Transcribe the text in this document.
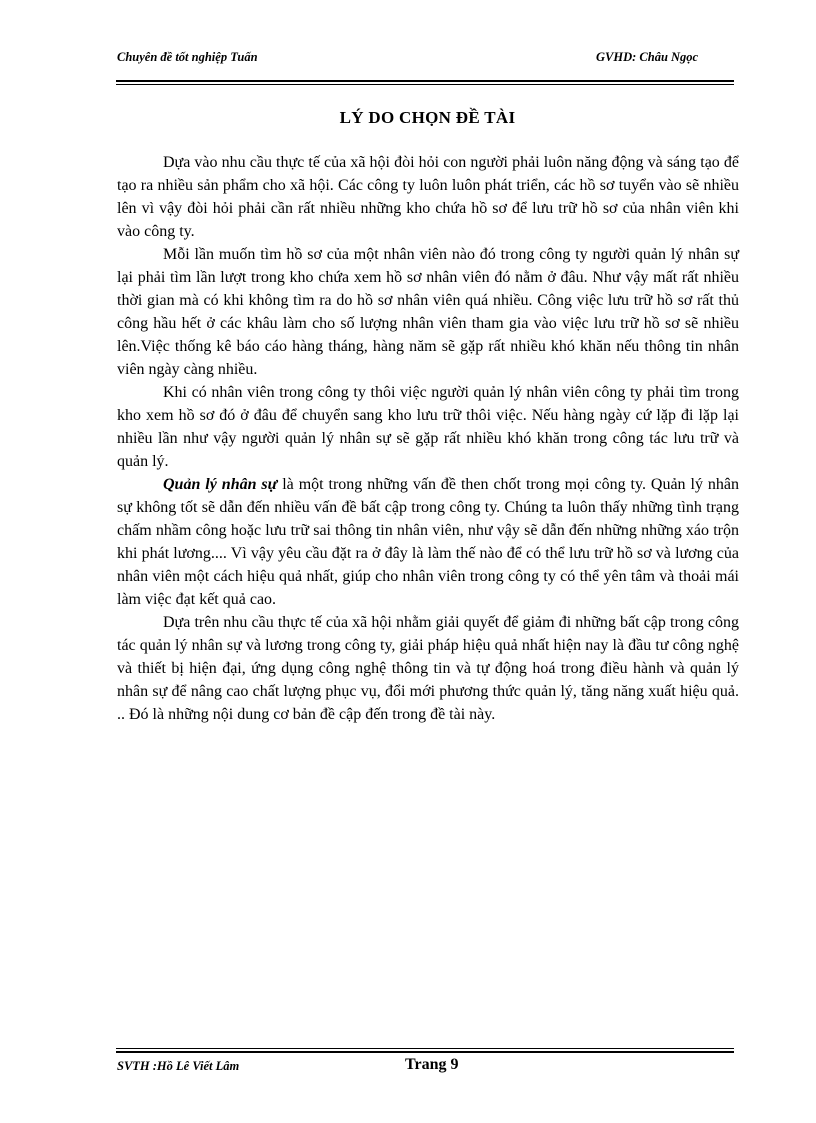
Chuyên đề tốt nghiệp Tuấn	GVHD: Châu Ngọc
LÝ DO CHỌN ĐỀ TÀI

Dựa vào nhu cầu thực tế của xã hội đòi hỏi con người phải luôn năng động và sáng tạo để tạo ra nhiều sản phẩm cho xã hội. Các công ty luôn luôn phát triển, các hồ sơ tuyển vào sẽ nhiều lên vì vậy đòi hỏi phải cần rất nhiều những kho chứa hồ sơ để lưu trữ hồ sơ của nhân viên khi vào công ty.

Mỗi lần muốn tìm hồ sơ của một nhân viên nào đó trong công ty người quản lý nhân sự lại phải tìm lần lượt trong kho chứa xem hồ sơ nhân viên đó nằm ở đâu. Như vậy mất rất nhiều thời gian mà có khi không tìm ra do hồ sơ nhân viên quá nhiều. Công việc lưu trữ hồ sơ rất thủ công hầu hết ở các khâu làm cho số lượng nhân viên tham gia vào việc lưu trữ hồ sơ sẽ nhiều lên.Việc thống kê báo cáo hàng tháng, hàng năm sẽ gặp rất nhiều khó khăn nếu thông tin nhân viên ngày càng nhiều.

Khi có nhân viên trong công ty thôi việc người quản lý nhân viên công ty phải tìm trong kho xem hồ sơ đó ở đâu để chuyển sang kho lưu trữ thôi việc. Nếu hàng ngày cứ lặp đi lặp lại nhiều lần như vậy người quản lý nhân sự sẽ gặp rất nhiều khó khăn trong công tác lưu trữ và quản lý.

Quản lý nhân sự là một trong những vấn đề then chốt trong mọi công ty. Quản lý nhân sự không tốt sẽ dẫn đến nhiều vấn đề bất cập trong công ty. Chúng ta luôn thấy những tình trạng chấm nhầm công hoặc lưu trữ sai thông tin nhân viên, như vậy sẽ dẫn đến những những xáo trộn khi phát lương.... Vì vậy yêu cầu đặt ra ở đây là làm thế nào để có thể lưu trữ hồ sơ và lương của nhân viên một cách hiệu quả nhất, giúp cho nhân viên trong công ty có thể yên tâm và thoải mái làm việc đạt kết quả cao.

Dựa trên nhu cầu thực tế của xã hội nhằm giải quyết để giảm đi những bất cập trong công tác quản lý nhân sự và lương trong công ty, giải pháp hiệu quả nhất hiện nay là đầu tư công nghệ và thiết bị hiện đại, ứng dụng công nghệ thông tin và tự động hoá trong điều hành và quản lý nhân sự để nâng cao chất lượng phục vụ, đổi mới phương thức quản lý, tăng năng xuất hiệu quả. .. Đó là những nội dung cơ bản đề cập đến trong đề tài này.

SVTH :Hồ Lê Viết Lâm	Trang 9
